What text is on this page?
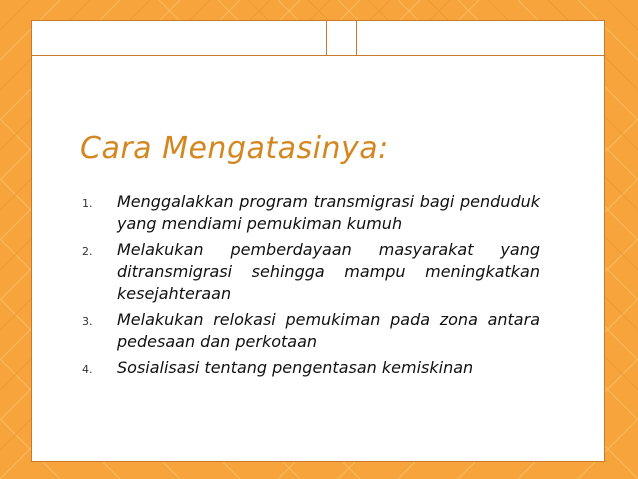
Cara Mengatasinya:
1. Menggalakkan program transmigrasi bagi penduduk yang mendiami pemukiman kumuh
2. Melakukan pemberdayaan masyarakat yang ditransmigrasi sehingga mampu meningkatkan kesejahteraan
3. Melakukan relokasi pemukiman pada zona antara pedesaan dan perkotaan
4. Sosialisasi tentang pengentasan kemiskinan
